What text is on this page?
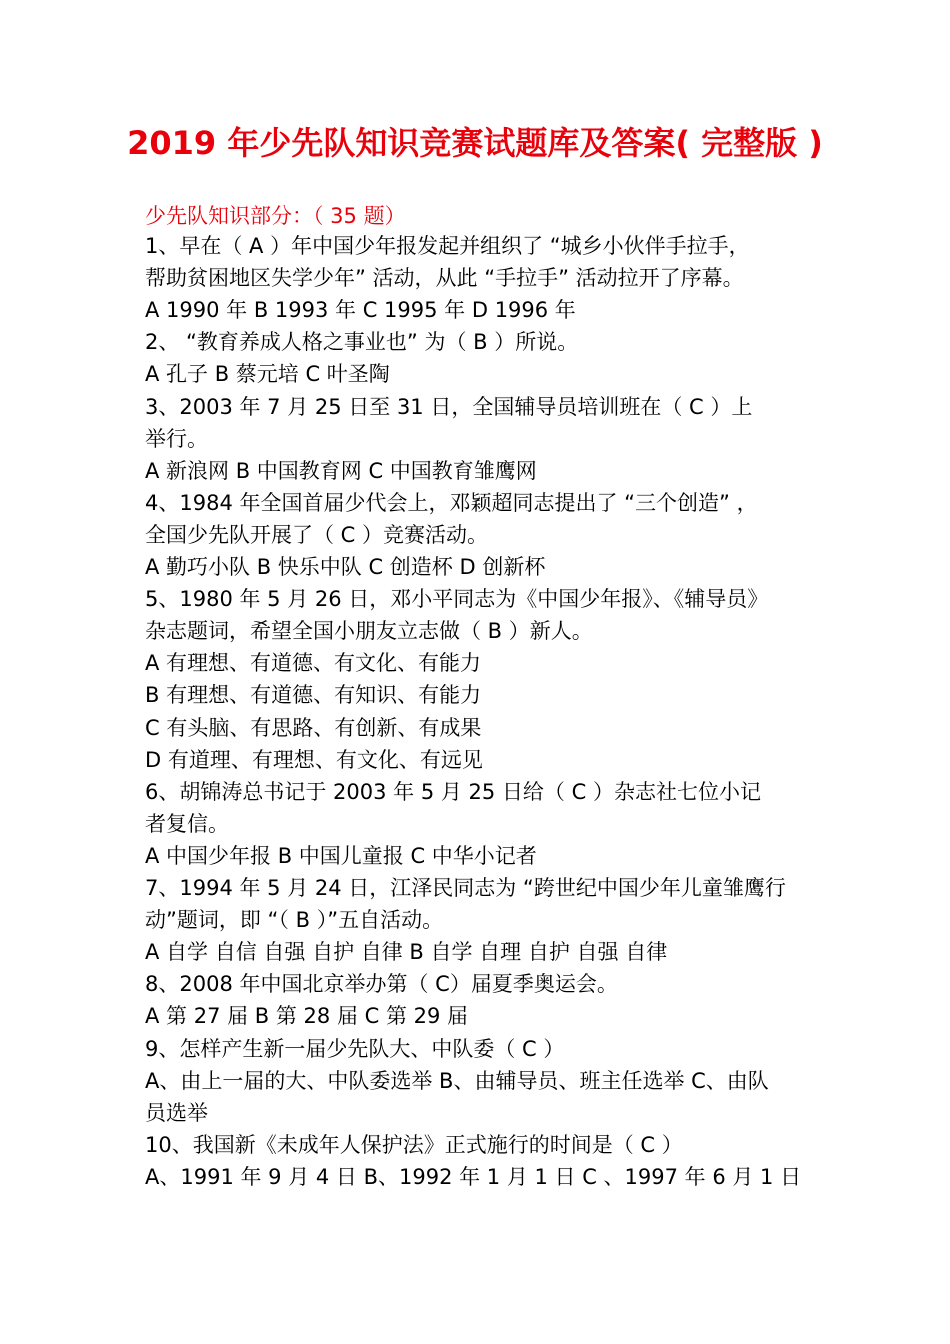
2019 年少先队知识竞赛试题库及答案( 完整版 )
少先队知识部分：（ 35 题）
1、早在（ A ）年中国少年报发起并组织了 “城乡小伙伴手拉手，
帮助贫困地区失学少年” 活动，从此 “手拉手” 活动拉开了序幕。
A 1990 年 B 1993 年 C 1995 年 D 1996 年
2、 “教育养成人格之事业也” 为（ B ）所说。
A 孔子 B 蔡元培 C 叶圣陶
3、2003 年 7 月 25 日至 31 日，全国辅导员培训班在（ C ）上
举行。
A 新浪网 B 中国教育网 C 中国教育雏鹰网
4、1984 年全国首届少代会上，邓颖超同志提出了 “三个创造” ，
全国少先队开展了（ C ）竞赛活动。
A 勤巧小队 B 快乐中队 C 创造杯 D 创新杯
5、1980 年 5 月 26 日，邓小平同志为《中国少年报》、《辅导员》
杂志题词，希望全国小朋友立志做（ B ）新人。
A 有理想、有道德、有文化、有能力
B 有理想、有道德、有知识、有能力
C 有头脑、有思路、有创新、有成果
D 有道理、有理想、有文化、有远见
6、胡锦涛总书记于 2003 年 5 月 25 日给（ C ）杂志社七位小记
者复信。
A 中国少年报 B 中国儿童报 C 中华小记者
7、1994 年 5 月 24 日，江泽民同志为 “跨世纪中国少年儿童雏鹰行
动”题词，即 “（ B ）”五自活动。
A 自学 自信 自强 自护 自律 B 自学 自理 自护 自强 自律
8、2008 年中国北京举办第（ C）届夏季奥运会。
A 第 27 届 B 第 28 届 C 第 29 届
9、怎样产生新一届少先队大、中队委（ C ）
A、由上一届的大、中队委选举 B、由辅导员、班主任选举 C、由队
员选举
10、我国新《未成年人保护法》正式施行的时间是（ C ）
A、1991 年 9 月 4 日 B、1992 年 1 月 1 日 C 、1997 年 6 月 1 日
